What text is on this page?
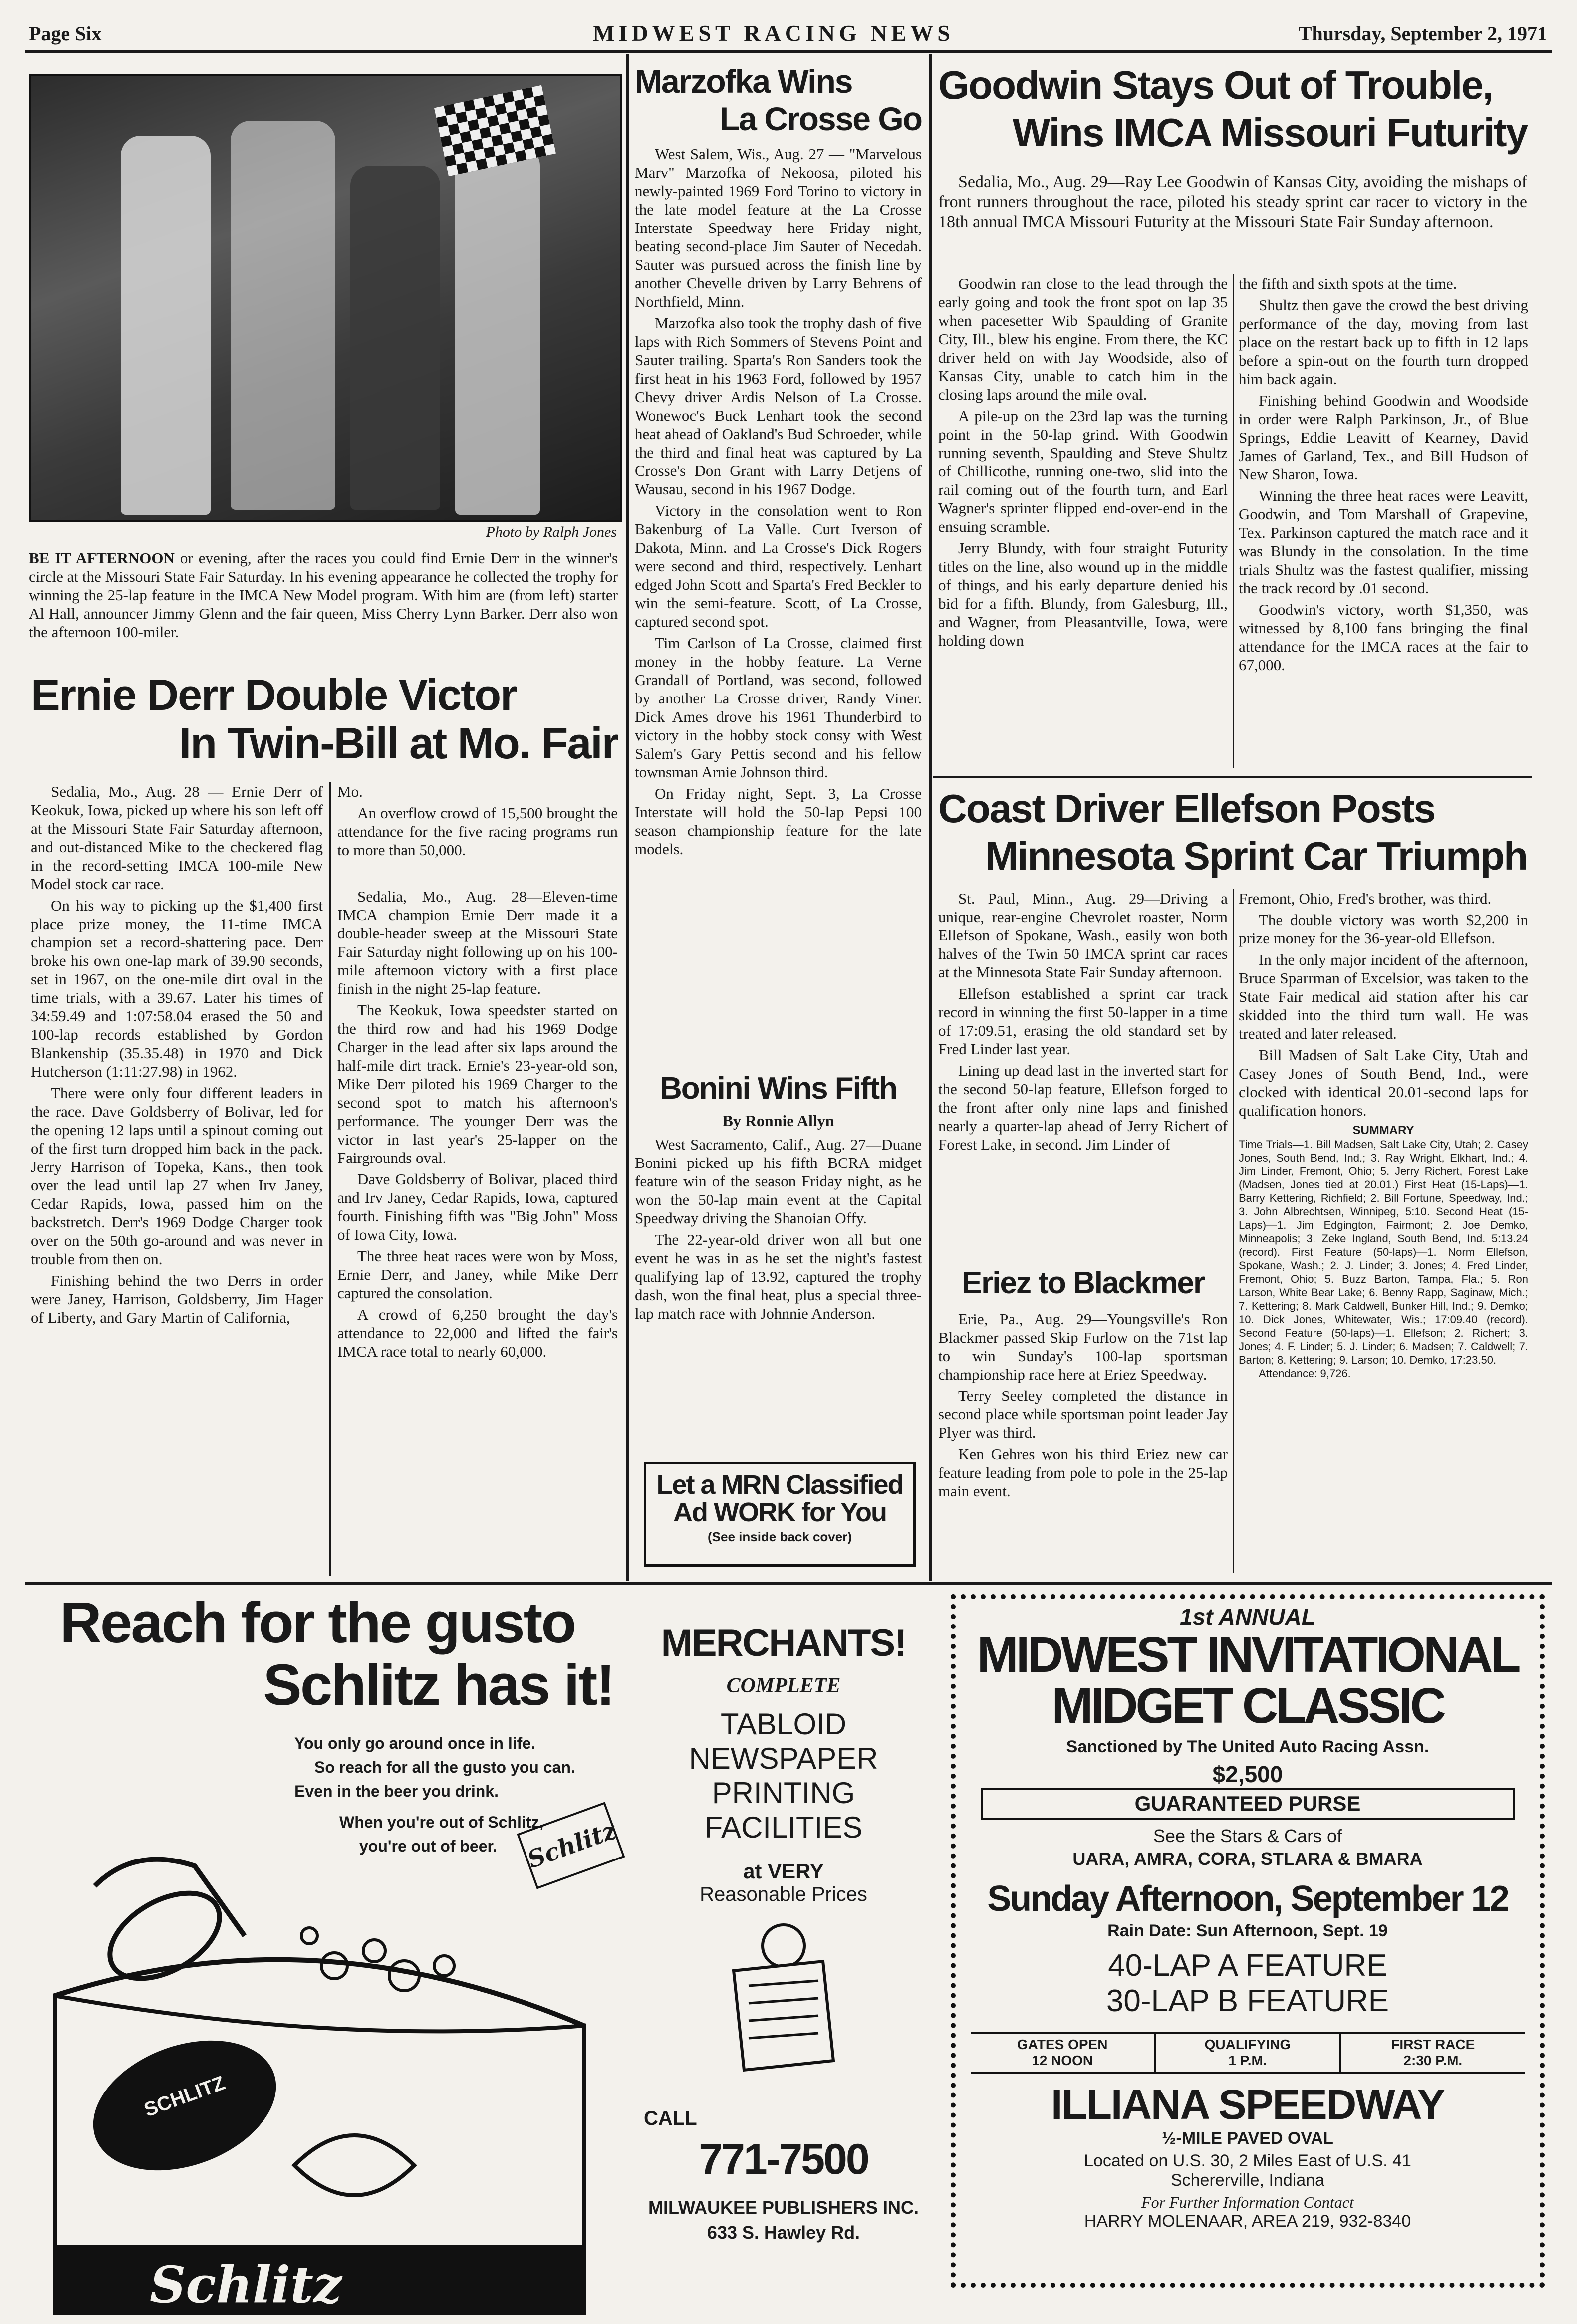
Page Six	MIDWEST RACING NEWS	Thursday, September 2, 1971
Photo by Ralph Jones
BE IT AFTERNOON or evening, after the races you could find Ernie Derr in the winner's circle at the Missouri State Fair Saturday. In his evening appearance he collected the trophy for winning the 25-lap feature in the IMCA New Model program. With him are (from left) starter Al Hall, announcer Jimmy Glenn and the fair queen, Miss Cherry Lynn Barker. Derr also won the afternoon 100-miler.
Ernie Derr Double Victor
In Twin-Bill at Mo. Fair

Sedalia, Mo., Aug. 28 — Ernie Derr of Keokuk, Iowa, picked up where his son left off at the Missouri State Fair Saturday afternoon, and out-distanced Mike to the checkered flag in the record-setting IMCA 100-mile New Model stock car race.

On his way to picking up the $1,400 first place prize money, the 11-time IMCA champion set a record-shattering pace. Derr broke his own one-lap mark of 39.90 seconds, set in 1967, on the one-mile dirt oval in the time trials, with a 39.67. Later his times of 34:59.49 and 1:07:58.04 erased the 50 and 100-lap records established by Gordon Blankenship (35.35.48) in 1970 and Dick Hutcherson (1:11:27.98) in 1962.

There were only four different leaders in the race. Dave Goldsberry of Bolivar, led for the opening 12 laps until a spinout coming out of the first turn dropped him back in the pack. Jerry Harrison of Topeka, Kans., then took over the lead until lap 27 when Irv Janey, Cedar Rapids, Iowa, passed him on the backstretch. Derr's 1969 Dodge Charger took over on the 50th go-around and was never in trouble from then on.

Finishing behind the two Derrs in order were Janey, Harrison, Goldsberry, Jim Hager of Liberty, and Gary Martin of California,

Mo.

An overflow crowd of 15,500 brought the attendance for the five racing programs run to more than 50,000.

Sedalia, Mo., Aug. 28—Eleven-time IMCA champion Ernie Derr made it a double-header sweep at the Missouri State Fair Saturday night following up on his 100-mile afternoon victory with a first place finish in the night 25-lap feature.

The Keokuk, Iowa speedster started on the third row and had his 1969 Dodge Charger in the lead after six laps around the half-mile dirt track. Ernie's 23-year-old son, Mike Derr piloted his 1969 Charger to the second spot to match his afternoon's performance. The younger Derr was the victor in last year's 25-lapper on the Fairgrounds oval.

Dave Goldsberry of Bolivar, placed third and Irv Janey, Cedar Rapids, Iowa, captured fourth. Finishing fifth was "Big John" Moss of Iowa City, Iowa.

The three heat races were won by Moss, Ernie Derr, and Janey, while Mike Derr captured the consolation.

A crowd of 6,250 brought the day's attendance to 22,000 and lifted the fair's IMCA race total to nearly 60,000.

Marzofka Wins
La Crosse Go

West Salem, Wis., Aug. 27 — "Marvelous Marv" Marzofka of Nekoosa, piloted his newly-painted 1969 Ford Torino to victory in the late model feature at the La Crosse Interstate Speedway here Friday night, beating second-place Jim Sauter of Necedah. Sauter was pursued across the finish line by another Chevelle driven by Larry Behrens of Northfield, Minn.

Marzofka also took the trophy dash of five laps with Rich Sommers of Stevens Point and Sauter trailing. Sparta's Ron Sanders took the first heat in his 1963 Ford, followed by 1957 Chevy driver Ardis Nelson of La Crosse. Wonewoc's Buck Lenhart took the second heat ahead of Oakland's Bud Schroeder, while the third and final heat was captured by La Crosse's Don Grant with Larry Detjens of Wausau, second in his 1967 Dodge.

Victory in the consolation went to Ron Bakenburg of La Valle. Curt Iverson of Dakota, Minn. and La Crosse's Dick Rogers were second and third, respectively. Lenhart edged John Scott and Sparta's Fred Beckler to win the semi-feature. Scott, of La Crosse, captured second spot.

Tim Carlson of La Crosse, claimed first money in the hobby feature. La Verne Grandall of Portland, was second, followed by another La Crosse driver, Randy Viner. Dick Ames drove his 1961 Thunderbird to victory in the hobby stock consy with West Salem's Gary Pettis second and his fellow townsman Arnie Johnson third.

On Friday night, Sept. 3, La Crosse Interstate will hold the 50-lap Pepsi 100 season championship feature for the late models.

Bonini Wins Fifth
By Ronnie Allyn

West Sacramento, Calif., Aug. 27—Duane Bonini picked up his fifth BCRA midget feature win of the season Friday night, as he won the 50-lap main event at the Capital Speedway driving the Shanoian Offy.

The 22-year-old driver won all but one event he was in as he set the night's fastest qualifying lap of 13.92, captured the trophy dash, won the final heat, plus a special three-lap match race with Johnnie Anderson.

Let a MRN Classified
Ad WORK for You
(See inside back cover)
Goodwin Stays Out of Trouble,
Wins IMCA Missouri Futurity
Sedalia, Mo., Aug. 29—Ray Lee Goodwin of Kansas City, avoiding the mishaps of front runners throughout the race, piloted his steady sprint car racer to victory in the 18th annual IMCA Missouri Futurity at the Missouri State Fair Sunday afternoon.

Goodwin ran close to the lead through the early going and took the front spot on lap 35 when pacesetter Wib Spaulding of Granite City, Ill., blew his engine. From there, the KC driver held on with Jay Woodside, also of Kansas City, unable to catch him in the closing laps around the mile oval.

A pile-up on the 23rd lap was the turning point in the 50-lap grind. With Goodwin running seventh, Spaulding and Steve Shultz of Chillicothe, running one-two, slid into the rail coming out of the fourth turn, and Earl Wagner's sprinter flipped end-over-end in the ensuing scramble.

Jerry Blundy, with four straight Futurity titles on the line, also wound up in the middle of things, and his early departure denied his bid for a fifth. Blundy, from Galesburg, Ill., and Wagner, from Pleasantville, Iowa, were holding down

the fifth and sixth spots at the time.

Shultz then gave the crowd the best driving performance of the day, moving from last place on the restart back up to fifth in 12 laps before a spin-out on the fourth turn dropped him back again.

Finishing behind Goodwin and Woodside in order were Ralph Parkinson, Jr., of Blue Springs, Eddie Leavitt of Kearney, David James of Garland, Tex., and Bill Hudson of New Sharon, Iowa.

Winning the three heat races were Leavitt, Goodwin, and Tom Marshall of Grapevine, Tex. Parkinson captured the match race and it was Blundy in the consolation. In the time trials Shultz was the fastest qualifier, missing the track record by .01 second.

Goodwin's victory, worth $1,350, was witnessed by 8,100 fans bringing the final attendance for the IMCA races at the fair to 67,000.

Coast Driver Ellefson Posts
Minnesota Sprint Car Triumph

St. Paul, Minn., Aug. 29—Driving a unique, rear-engine Chevrolet roaster, Norm Ellefson of Spokane, Wash., easily won both halves of the Twin 50 IMCA sprint car races at the Minnesota State Fair Sunday afternoon.

Ellefson established a sprint car track record in winning the first 50-lapper in a time of 17:09.51, erasing the old standard set by Fred Linder last year.

Lining up dead last in the inverted start for the second 50-lap feature, Ellefson forged to the front after only nine laps and finished nearly a quarter-lap ahead of Jerry Richert of Forest Lake, in second. Jim Linder of

Fremont, Ohio, Fred's brother, was third.

The double victory was worth $2,200 in prize money for the 36-year-old Ellefson.

In the only major incident of the afternoon, Bruce Sparrman of Excelsior, was taken to the State Fair medical aid station after his car skidded into the third turn wall. He was treated and later released.

Bill Madsen of Salt Lake City, Utah and Casey Jones of South Bend, Ind., were clocked with identical 20.01-second laps for qualification honors.

SUMMARY
Time Trials—1. Bill Madsen, Salt Lake City, Utah; 2. Casey Jones, South Bend, Ind.; 3. Ray Wright, Elkhart, Ind.; 4. Jim Linder, Fremont, Ohio; 5. Jerry Richert, Forest Lake (Madsen, Jones tied at 20.01.) First Heat (15-Laps)—1. Barry Kettering, Richfield; 2. Bill Fortune, Speedway, Ind.; 3. John Albrechtsen, Winnipeg, 5:10. Second Heat (15-Laps)—1. Jim Edgington, Fairmont; 2. Joe Demko, Minneapolis; 3. Zeke Ingland, South Bend, Ind. 5:13.24 (record). First Feature (50-laps)—1. Norm Ellefson, Spokane, Wash.; 2. J. Linder; 3. Jones; 4. Fred Linder, Fremont, Ohio; 5. Buzz Barton, Tampa, Fla.; 5. Ron Larson, White Bear Lake; 6. Benny Rapp, Saginaw, Mich.; 7. Kettering; 8. Mark Caldwell, Bunker Hill, Ind.; 9. Demko; 10. Dick Jones, Whitewater, Wis.; 17:09.40 (record). Second Feature (50-laps)—1. Ellefson; 2. Richert; 3. Jones; 4. F. Linder; 5. J. Linder; 6. Madsen; 7. Caldwell; 7. Barton; 8. Kettering; 9. Larson; 10. Demko, 17:23.50.
Attendance: 9,726.
Eriez to Blackmer

Erie, Pa., Aug. 29—Youngsville's Ron Blackmer passed Skip Furlow on the 71st lap to win Sunday's 100-lap sportsman championship race here at Eriez Speedway.

Terry Seeley completed the distance in second place while sportsman point leader Jay Plyer was third.

Ken Gehres won his third Eriez new car feature leading from pole to pole in the 25-lap main event.

Reach for the gusto
Schlitz has it!
You only go around once in life.
So reach for all the gusto you can.
Even in the beer you drink.
When you're out of Schlitz,
you're out of beer.	Schlitz
SCHLITZ
Schlitz
MERCHANTS!
COMPLETE
TABLOID
NEWSPAPER
PRINTING
FACILITIES
at VERY
Reasonable Prices
CALL
771-7500
MILWAUKEE PUBLISHERS INC.
633 S. Hawley Rd.
1st ANNUAL
MIDWEST INVITATIONAL
MIDGET CLASSIC
Sanctioned by The United Auto Racing Assn.
$2,500
GUARANTEED PURSE
See the Stars & Cars of
UARA, AMRA, CORA, STLARA & BMARA
Sunday Afternoon, September 12
Rain Date: Sun Afternoon, Sept. 19
40-LAP A FEATURE
30-LAP B FEATURE
GATES OPEN
12 NOON
QUALIFYING
1 P.M.
FIRST RACE
2:30 P.M.
ILLIANA SPEEDWAY
½-MILE PAVED OVAL
Located on U.S. 30, 2 Miles East of U.S. 41
Schererville, Indiana
For Further Information Contact
HARRY MOLENAAR, AREA 219, 932-8340
